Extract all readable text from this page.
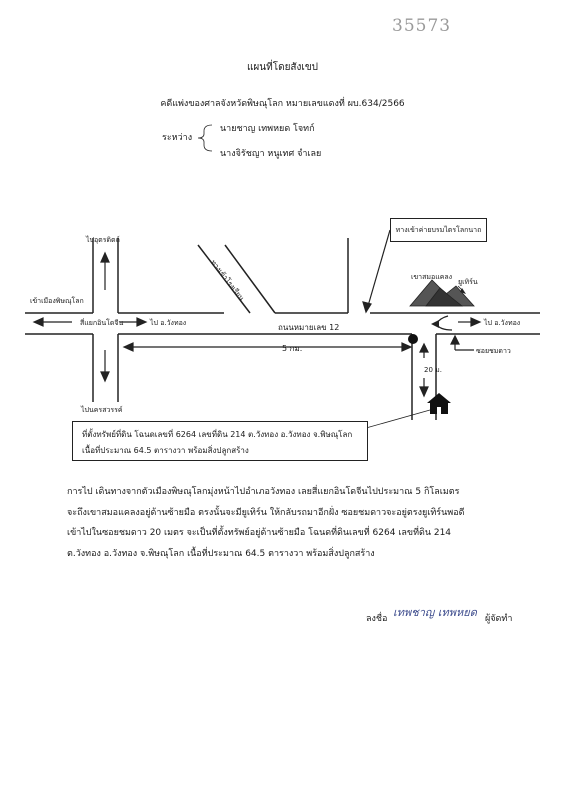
35573
แผนที่โดยสังเขป
คดีแพ่งของศาลจังหวัดพิษณุโลก หมายเลขแดงที่ ผบ.634/2566
ระหว่าง
นายชาญ เทพหยด โจทก์
นางจิรัชญา หนูเทศ จำเลย
ไปอุตรดิตถ์
เข้าเมืองพิษณุโลก
สี่แยกอินโดจีน	ไป อ.วังทอง	ถนนหมายเลข 12
ไปนครสวรรค์
5 กม.
ทางเข้าโรงเรียน
ทางเข้าค่ายบรมไตรโลกนาถ
เขาสมอแคลง
ยูเทิร์น
ไป อ.วังทอง
ซอยชมดาว
20 ม.
ที่ตั้งทรัพย์ที่ดิน โฉนดเลขที่ 6264 เลขที่ดิน 214 ต.วังทอง อ.วังทอง จ.พิษณุโลก
เนื้อที่ประมาณ 64.5 ตารางวา พร้อมสิ่งปลูกสร้าง
การไป เดินทางจากตัวเมืองพิษณุโลกมุ่งหน้าไปอำเภอวังทอง เลยสี่แยกอินโดจีนไปประมาณ 5 กิโลเมตร
จะถึงเขาสมอแคลงอยู่ด้านซ้ายมือ ตรงนั้นจะมียูเทิร์น ให้กลับรถมาอีกฝั่ง ซอยชมดาวจะอยู่ตรงยูเทิร์นพอดี
เข้าไปในซอยชมดาว 20 เมตร จะเป็นที่ตั้งทรัพย์อยู่ด้านซ้ายมือ โฉนดที่ดินเลขที่ 6264 เลขที่ดิน 214
ต.วังทอง อ.วังทอง จ.พิษณุโลก เนื้อที่ประมาณ 64.5 ตารางวา พร้อมสิ่งปลูกสร้าง
ลงชื่อ เทพชาญ เทพหยด ผู้จัดทำ
